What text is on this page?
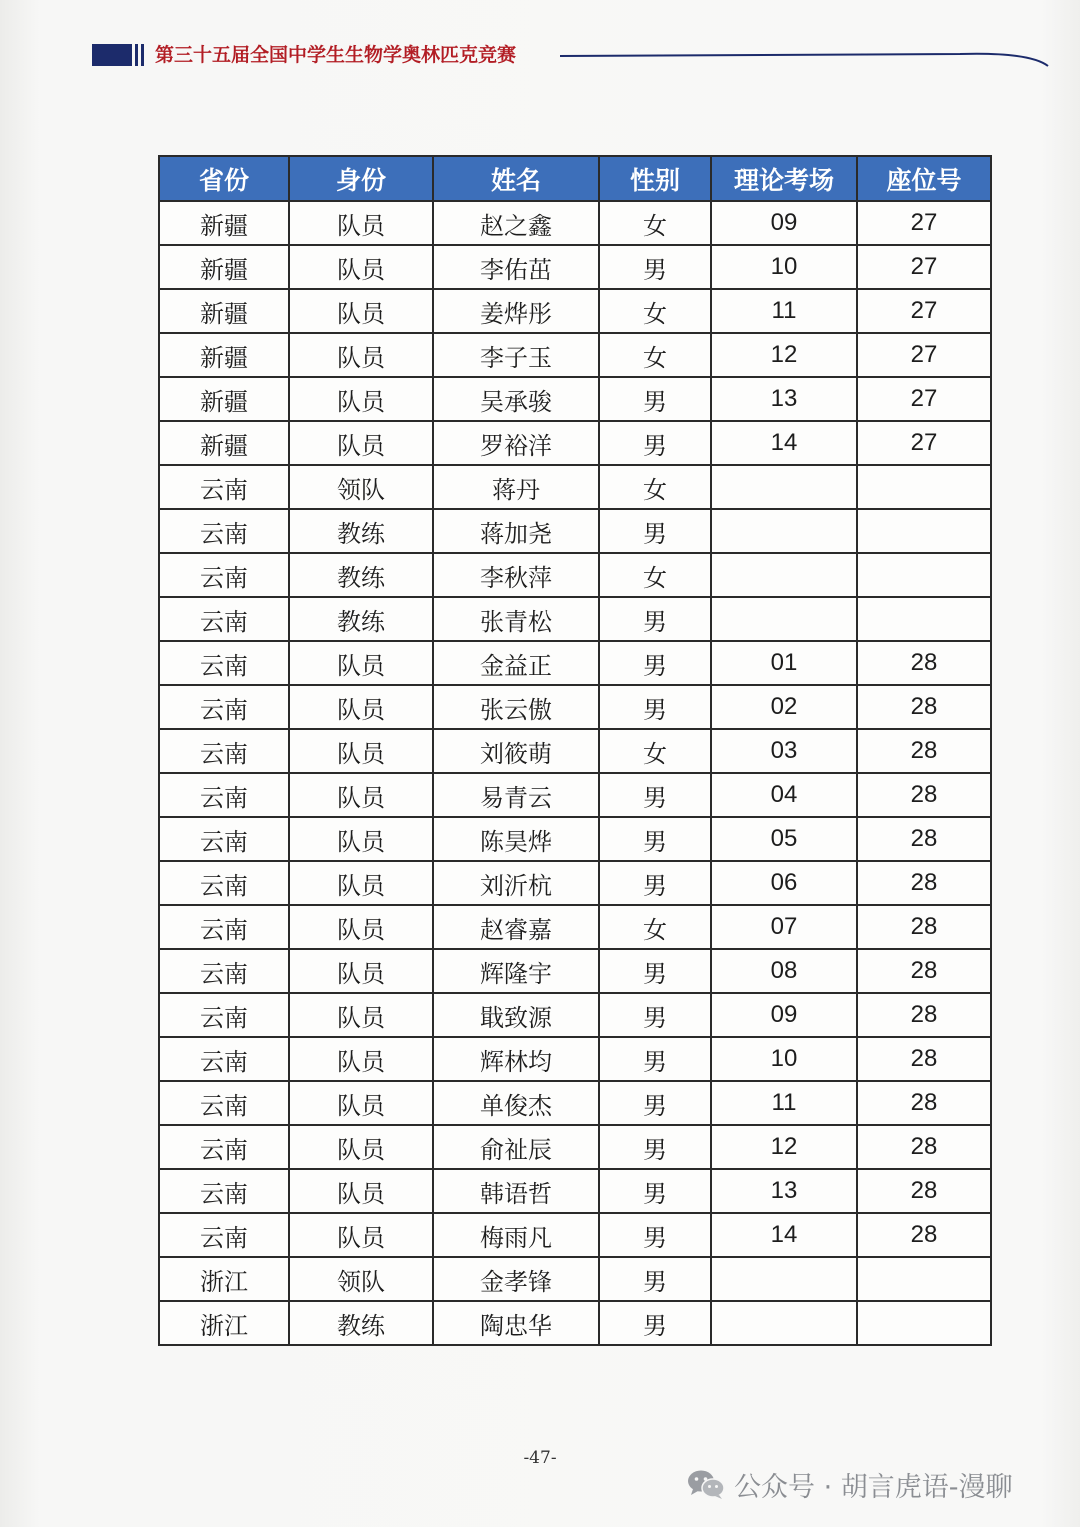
第三十五届全国中学生生物学奥林匹克竞赛
省份	身份	姓名	性别	理论考场	座位号
新疆	队员	赵之鑫	女	09	27
新疆	队员	李佑茁	男	10	27
新疆	队员	姜烨彤	女	11	27
新疆	队员	李子玉	女	12	27
新疆	队员	吴承骏	男	13	27
新疆	队员	罗裕洋	男	14	27
云南	领队	蒋丹	女		
云南	教练	蒋加尧	男		
云南	教练	李秋萍	女		
云南	教练	张青松	男		
云南	队员	金益正	男	01	28
云南	队员	张云傲	男	02	28
云南	队员	刘筱萌	女	03	28
云南	队员	易青云	男	04	28
云南	队员	陈昊烨	男	05	28
云南	队员	刘沂杭	男	06	28
云南	队员	赵睿嘉	女	07	28
云南	队员	辉隆宇	男	08	28
云南	队员	戢致源	男	09	28
云南	队员	辉林均	男	10	28
云南	队员	单俊杰	男	11	28
云南	队员	俞祉辰	男	12	28
云南	队员	韩语哲	男	13	28
云南	队员	梅雨凡	男	14	28
浙江	领队	金孝锋	男		
浙江	教练	陶忠华	男		
-47-
公众号 · 胡言虎语-漫聊
